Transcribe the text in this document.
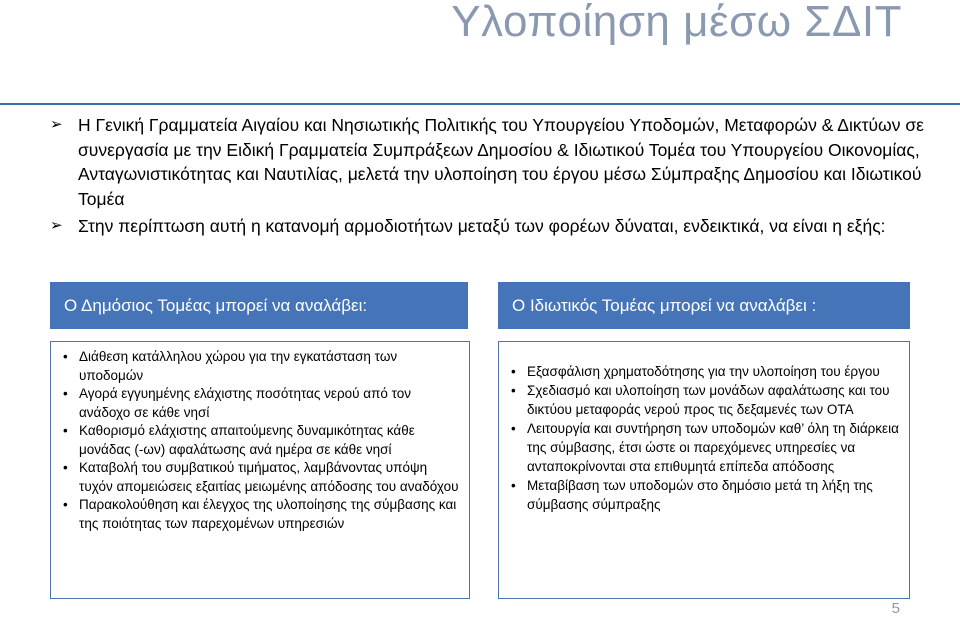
Υλοποίηση μέσω ΣΔΙΤ
➢ Η Γενική Γραμματεία Αιγαίου και Νησιωτικής Πολιτικής του Υπουργείου Υποδομών, Μεταφορών & Δικτύων σε συνεργασία με την Ειδική Γραμματεία Συμπράξεων Δημοσίου & Ιδιωτικού Τομέα του Υπουργείου Οικονομίας, Ανταγωνιστικότητας και Ναυτιλίας, μελετά την υλοποίηση του έργου μέσω Σύμπραξης Δημοσίου και Ιδιωτικού Τομέα
➢ Στην περίπτωση αυτή η κατανομή αρμοδιοτήτων μεταξύ των φορέων δύναται, ενδεικτικά, να είναι η εξής:
Ο Δημόσιος Τομέας μπορεί να αναλάβει:	Ο Ιδιωτικός Τομέας μπορεί να αναλάβει :
• Διάθεση κατάλληλου χώρου για την εγκατάσταση των υποδομών
• Αγορά εγγυημένης ελάχιστης ποσότητας νερού από τον ανάδοχο σε κάθε νησί
• Καθορισμό ελάχιστης απαιτούμενης δυναμικότητας κάθε μονάδας (-ων) αφαλάτωσης ανά ημέρα σε κάθε νησί
• Καταβολή του συμβατικού τιμήματος, λαμβάνοντας υπόψη τυχόν απομειώσεις εξαιτίας μειωμένης απόδοσης του αναδόχου
• Παρακολούθηση και έλεγχος της υλοποίησης της σύμβασης και της ποιότητας των παρεχομένων υπηρεσιών
• Εξασφάλιση χρηματοδότησης για την υλοποίηση του έργου
• Σχεδιασμό και υλοποίηση των μονάδων αφαλάτωσης και του δικτύου μεταφοράς νερού προς τις δεξαμενές των ΟΤΑ
• Λειτουργία και συντήρηση των υποδομών καθ’ όλη τη διάρκεια της σύμβασης, έτσι ώστε οι παρεχόμενες υπηρεσίες να ανταποκρίνονται στα επιθυμητά επίπεδα απόδοσης
• Μεταβίβαση των υποδομών στο δημόσιο μετά τη λήξη της σύμβασης σύμπραξης
5
